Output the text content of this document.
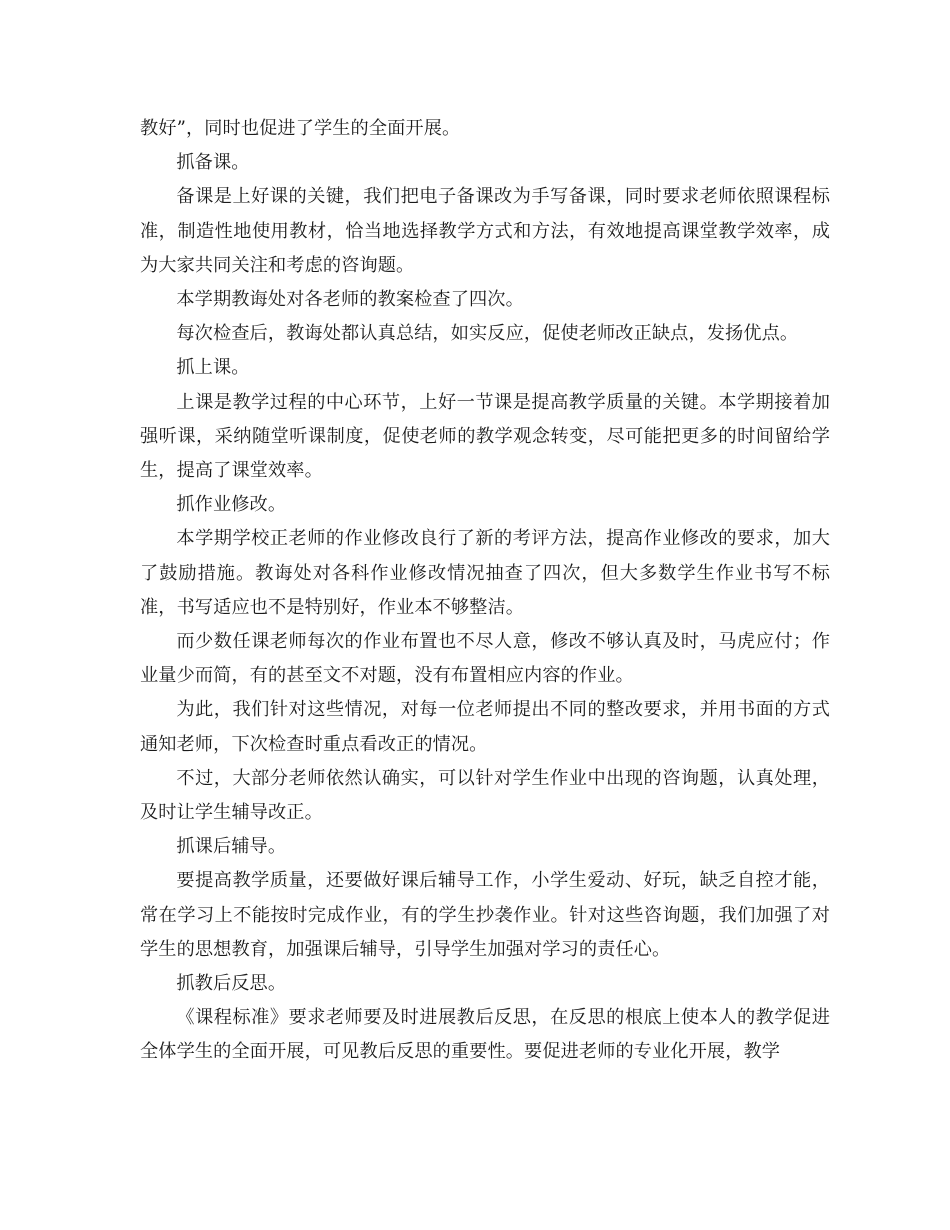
教好”，同时也促进了学生的全面开展。

抓备课。

备课是上好课的关键，我们把电子备课改为手写备课，同时要求老师依照课程标准，制造性地使用教材，恰当地选择教学方式和方法，有效地提高课堂教学效率，成为大家共同关注和考虑的咨询题。

本学期教诲处对各老师的教案检查了四次。

每次检查后，教诲处都认真总结，如实反应，促使老师改正缺点，发扬优点。

抓上课。

上课是教学过程的中心环节，上好一节课是提高教学质量的关键。本学期接着加强听课，采纳随堂听课制度，促使老师的教学观念转变，尽可能把更多的时间留给学生，提高了课堂效率。

抓作业修改。

本学期学校正老师的作业修改良行了新的考评方法，提高作业修改的要求，加大了鼓励措施。教诲处对各科作业修改情况抽查了四次，但大多数学生作业书写不标准，书写适应也不是特别好，作业本不够整洁。

而少数任课老师每次的作业布置也不尽人意，修改不够认真及时，马虎应付；作业量少而简，有的甚至文不对题，没有布置相应内容的作业。

为此，我们针对这些情况，对每一位老师提出不同的整改要求，并用书面的方式通知老师，下次检查时重点看改正的情况。

不过，大部分老师依然认确实，可以针对学生作业中出现的咨询题，认真处理，及时让学生辅导改正。

抓课后辅导。

要提高教学质量，还要做好课后辅导工作，小学生爱动、好玩，缺乏自控才能，常在学习上不能按时完成作业，有的学生抄袭作业。针对这些咨询题，我们加强了对学生的思想教育，加强课后辅导，引导学生加强对学习的责任心。

抓教后反思。

《课程标准》要求老师要及时进展教后反思，在反思的根底上使本人的教学促进全体学生的全面开展，可见教后反思的重要性。要促进老师的专业化开展，教学
